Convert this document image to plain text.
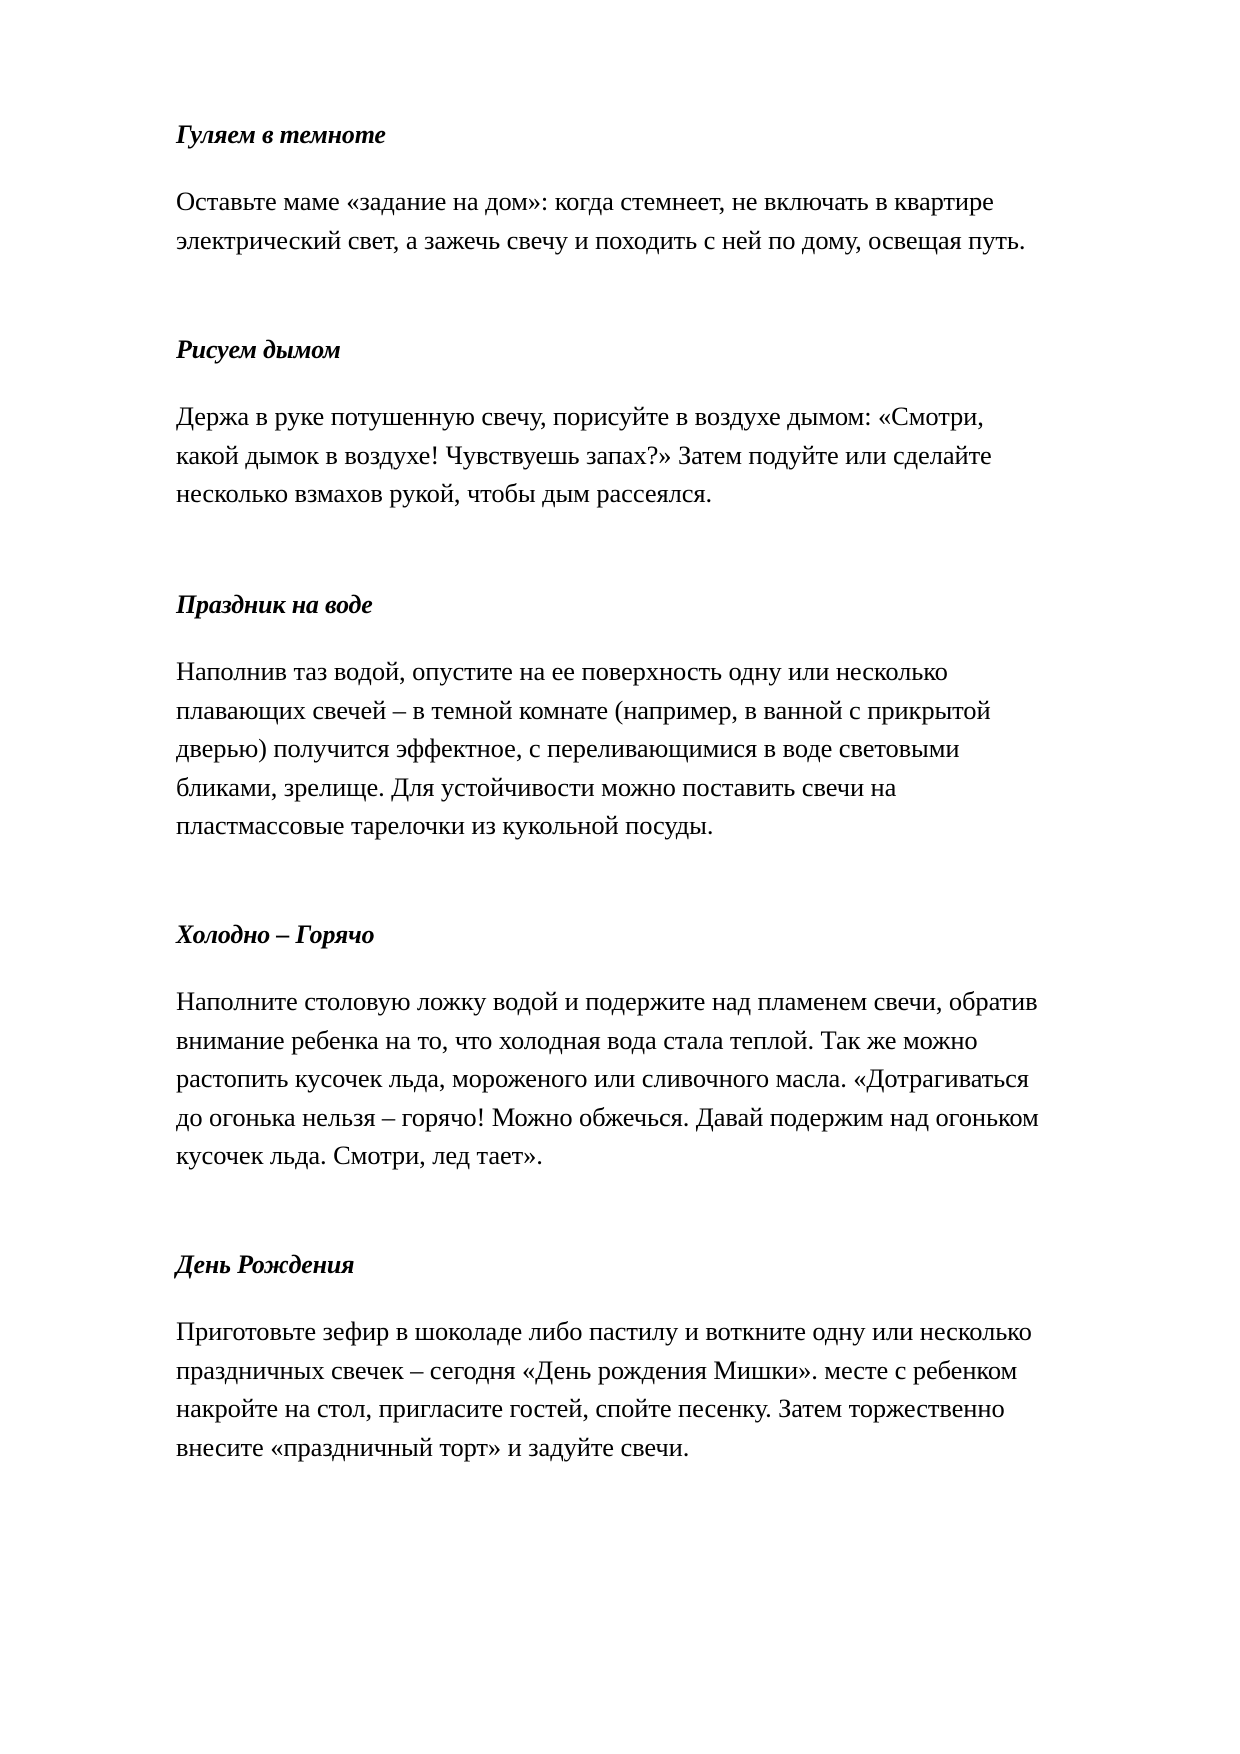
Гуляем в темноте

Оставьте маме «задание на дом»: когда стемнеет, не включать в квартире
электрический свет, а зажечь свечу и походить с ней по дому, освещая путь.

Рисуем дымом

Держа в руке потушенную свечу, порисуйте в воздухе дымом: «Смотри,
какой дымок в воздухе! Чувствуешь запах?» Затем подуйте или сделайте
несколько взмахов рукой, чтобы дым рассеялся.

Праздник на воде

Наполнив таз водой, опустите на ее поверхность одну или несколько
плавающих свечей – в темной комнате (например, в ванной с прикрытой
дверью) получится эффектное, с переливающимися в воде световыми
бликами, зрелище. Для устойчивости можно поставить свечи на
пластмассовые тарелочки из кукольной посуды.

Холодно – Горячо

Наполните столовую ложку водой и подержите над пламенем свечи, обратив
внимание ребенка на то, что холодная вода стала теплой. Так же можно
растопить кусочек льда, мороженого или сливочного масла. «Дотрагиваться
до огонька нельзя – горячо! Можно обжечься. Давай подержим над огоньком
кусочек льда. Смотри, лед тает».

День Рождения

Приготовьте зефир в шоколаде либо пастилу и воткните одну или несколько
праздничных свечек – сегодня «День рождения Мишки». месте с ребенком
накройте на стол, пригласите гостей, спойте песенку. Затем торжественно
внесите «праздничный торт» и задуйте свечи.
